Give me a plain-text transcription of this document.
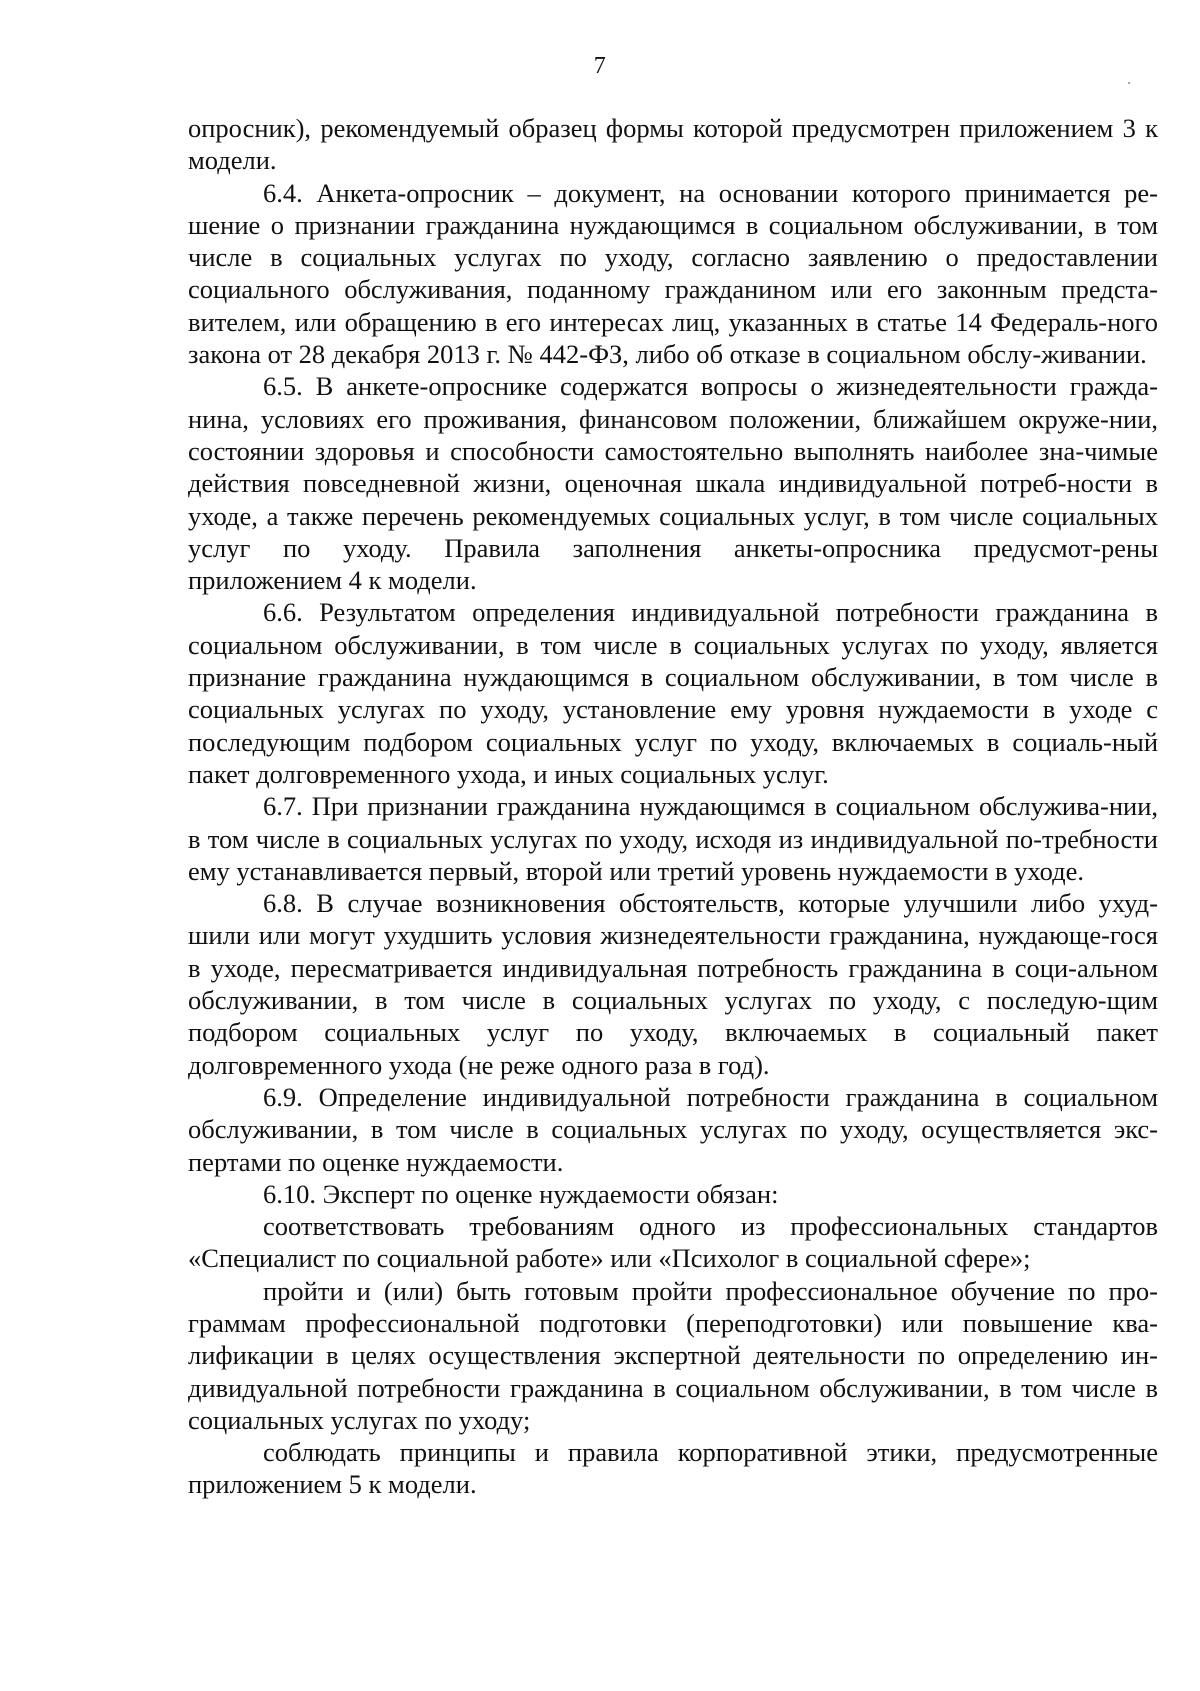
7

опросник), рекомендуемый образец формы которой предусмотрен приложением 3 к модели.

6.4. Анкета-опросник – документ, на основании которого принимается ре-шение о признании гражданина нуждающимся в социальном обслуживании, в том числе в социальных услугах по уходу, согласно заявлению о предоставлении социального обслуживания, поданному гражданином или его законным предста-вителем, или обращению в его интересах лиц, указанных в статье 14 Федераль-ного закона от 28 декабря 2013 г. № 442-ФЗ, либо об отказе в социальном обслу-живании.

6.5. В анкете-опроснике содержатся вопросы о жизнедеятельности гражда-нина, условиях его проживания, финансовом положении, ближайшем окруже-нии, состоянии здоровья и способности самостоятельно выполнять наиболее зна-чимые действия повседневной жизни, оценочная шкала индивидуальной потреб-ности в уходе, а также перечень рекомендуемых социальных услуг, в том числе социальных услуг по уходу. Правила заполнения анкеты-опросника предусмот-рены приложением 4 к модели.

6.6. Результатом определения индивидуальной потребности гражданина в социальном обслуживании, в том числе в социальных услугах по уходу, является признание гражданина нуждающимся в социальном обслуживании, в том числе в социальных услугах по уходу, установление ему уровня нуждаемости в уходе с последующим подбором социальных услуг по уходу, включаемых в социаль-ный пакет долговременного ухода, и иных социальных услуг.

6.7. При признании гражданина нуждающимся в социальном обслужива-нии, в том числе в социальных услугах по уходу, исходя из индивидуальной по-требности ему устанавливается первый, второй или третий уровень нуждаемости в уходе.

6.8. В случае возникновения обстоятельств, которые улучшили либо ухуд-шили или могут ухудшить условия жизнедеятельности гражданина, нуждающе-гося в уходе, пересматривается индивидуальная потребность гражданина в соци-альном обслуживании, в том числе в социальных услугах по уходу, с последую-щим подбором социальных услуг по уходу, включаемых в социальный пакет долговременного ухода (не реже одного раза в год).

6.9. Определение индивидуальной потребности гражданина в социальном обслуживании, в том числе в социальных услугах по уходу, осуществляется экс-пертами по оценке нуждаемости.

6.10. Эксперт по оценке нуждаемости обязан:

соответствовать требованиям одного из профессиональных стандартов «Специалист по социальной работе» или «Психолог в социальной сфере»;

пройти и (или) быть готовым пройти профессиональное обучение по про-граммам профессиональной подготовки (переподготовки) или повышение ква-лификации в целях осуществления экспертной деятельности по определению ин-дивидуальной потребности гражданина в социальном обслуживании, в том числе в социальных услугах по уходу;

соблюдать принципы и правила корпоративной этики, предусмотренные приложением 5 к модели.
